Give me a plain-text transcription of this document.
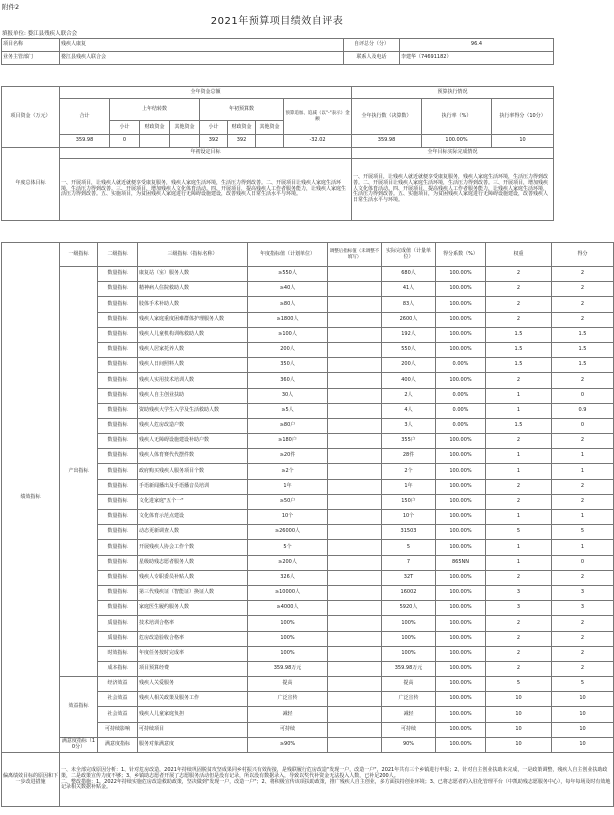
附件2
2021年预算项目绩效自评表
填报单位: 婺江县残疾人联合会
项目名称	残疾人康复	自评总分（分）	96.4
业务主管部门	婺江县残疾人联合会	联系人及电话	李建华（74691182）
项目资金（万元）	全年资金总额								预算执行情况		
	合计	上年结转数			年初预算数			预算追加、追减（以"-"表示）金额	全年执行数（决算数）	执行率（%）	执行率得分（10分）
		小计	财政资金	其他资金	小计	财政资金	其他资金				
	359.98	0			392	392		-32.02	359.98	100.00%	10
年度总体目标	年初设定目标								全年目标实际完成情况		
	一、开展项目，让残疾人就近就便享受康复服务，残疾人家庭生活环境，生活压力得到改善。二、开展项目让残疾人家庭生活环境，生活压力得到改善。三、开展项目，增加残疾人文化体育活动。四、开展项目，提高残疾人工作者服务能力，让残疾人家庭生活压力得到改善。五、实施项目，为贫困残疾人家庭进行无障碍设施建设，改善残疾人日常生活水平与环境。								一、开展项目，让残疾人就近就便享受康复服务，残疾人家庭生活环境，生活压力得到改善。二、开展项目让残疾人家庭生活环境，生活压力得到改善。三、开展项目，增加残疾人文化体育活动。四、开展项目，提高残疾人工作者服务能力，让残疾人家庭生活环境，生活压力得到改善。五、实施项目，为贫困残疾人家庭进行无障碍设施建设，改善残疾人日常生活水平与环境。		
绩效指标	一级指标	二级指标	三级指标（指标名称）	年度指标值（计划单位）	调整后指标值（未调整不填写）	实际完成值（计量单位）	得分系数（%）	权重	得分
	产出指标	数量指标	康复站（室）服务人数	≥550人		680人	100.00%	2	2
		数量指标	精神病人住院救助人数	≥40人		41人	100.00%	2	2
		数量指标	肢体手术补助人数	≥80人		83人	100.00%	2	2
		数量指标	残疾人家庭重度困难群体护理服务人数	≥1800人		2600人	100.00%	2	2
		数量指标	残疾人儿童机构训练救助人数	≥100人		192人	100.00%	1.5	1.5
		数量指标	残疾人居家托养人数	200人		550人	100.00%	1.5	1.5
		数量指标	残疾人日间照料人数	350人		200人	0.00%	1.5	1.5
		数量指标	残疾人实用技术培训人数	360人		400人	100.00%	2	2
		数量指标	残疾人自主创业扶助	30人		2人	0.00%	1	0
		数量指标	资助残疾大学生入学及生活救助人数	≥5人		4人	0.00%	1	0.9
		数量指标	残疾人危房改造户数	≥80户		3人	0.00%	1.5	0
		数量指标	残疾人无障碍设施建设补助户数	≥180户		355户	100.00%	2	2
		数量指标	残疾人体育赛代代摆件数	≥20件		28件	100.00%	1	1
		数量指标	政府购买残疾人服务项目个数	≥2个		2个	100.00%	1	1
		数量指标	手语新闻播出及手语播音员培训	1年		1年	100.00%	2	2
		数量指标	文化进家庭"五个一"	≥50户		150户	100.00%	2	2
		数量指标	文化体育示范点建设	10个		10个	100.00%	1	1
		数量指标	动态更新调查人数	≥26000人		31503	100.00%	5	5
		数量指标	开展残疾人协会工作个数	5个		5	100.00%	1	1
		数量指标	星级助残志愿者服务人数	≥200人		7	865NN	1	0
		数量指标	残疾人专职委员补贴人数	326人		32T	100.00%	2	2
		数量指标	第三代残疾证（智能证）换证人数	≥10000人		16002	100.00%	3	3
		数量指标	家庭医生履约服务人数	≥4000人		5920人	100.00%	3	3
		质量指标	技术培训合格率	100%		100%	100.00%	2	2
		质量指标	危房改造验收合格率	100%		100%	100.00%	2	2
		时效指标	年度任务按时完成率	100%		100%	100.00%	2	2
		成本指标	项目预算经费	359.98万元		359.98万元	100.00%	2	2
	效益指标	经济效益	残疾人关爱服务	提高		提高	100.00%	5	5
		社会效益	残疾人相关政策及服务工作	广泛宣传		广泛宣传	100.00%	10	10
		社会效益	残疾人儿童家庭负担	减轻		减轻	100.00%	10	10
		可持续影响	可持续项目	可持续		可持续	100.00%	10	10
	满意度指标（10分）	满意度指标	服务对象满意度	≥90%		90%	100.00%	10	10
偏离绩效目标的原因和下一步改进措施	一、未全部完成原因分析：1、针对危房改造，2021年持续巩固脱贫攻坚成果同乡村振兴有效衔接，是残联履行危房改造"发现一户，改造一户"，2021年共有三个乡镇进行申报；2、针对自主创业扶助未完成，一是政策调整，残疾人自主创业扶助政策，二是政策宣传力度不够；3、乡镇助志愿者开展了志愿服务活动但是没有记录，所以没有数据录入，导致以奖代补资金无法投入人数，已补足200人。
二、整改措施：1、2022年持续实施危房改造救助政策，坚决做到"发现一户，改造一户"；2、将积极宣传该项扶助政策，推广残疾人自主创业，多方面扶持创业环境；3、已将志愿者的入驻化管理平台（中凯助残志愿服务中心），每年每场及时有效地记录相关数据补贴金。								
